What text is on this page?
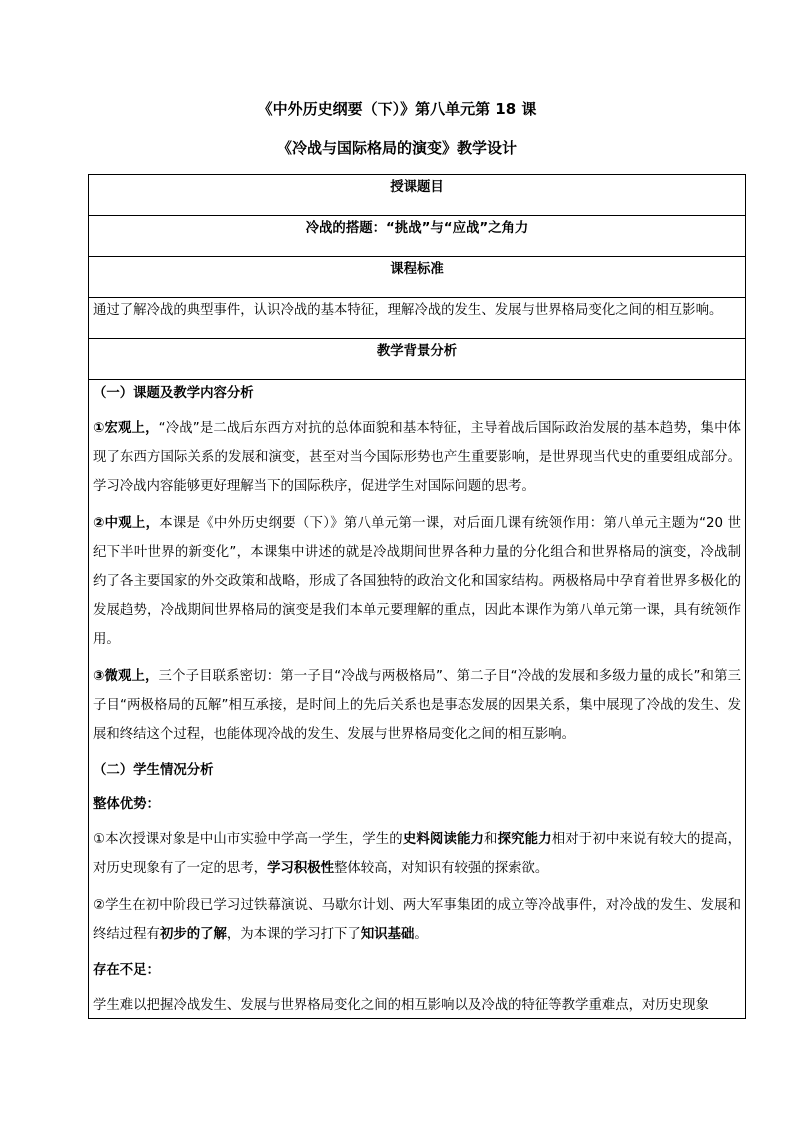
《中外历史纲要（下）》第八单元第 18 课
《冷战与国际格局的演变》教学设计
授课题目
冷战的搭题：“挑战”与“应战”之角力
课程标准
通过了解冷战的典型事件，认识冷战的基本特征，理解冷战的发生、发展与世界格局变化之间的相互影响。
教学背景分析

（一）课题及教学内容分析

①宏观上，“冷战”是二战后东西方对抗的总体面貌和基本特征，主导着战后国际政治发展的基本趋势，集中体现了东西方国际关系的发展和演变，甚至对当今国际形势也产生重要影响，是世界现当代史的重要组成部分。学习冷战内容能够更好理解当下的国际秩序，促进学生对国际问题的思考。

②中观上，本课是《中外历史纲要（下）》第八单元第一课，对后面几课有统领作用：第八单元主题为“20 世纪下半叶世界的新变化”，本课集中讲述的就是冷战期间世界各种力量的分化组合和世界格局的演变，冷战制约了各主要国家的外交政策和战略，形成了各国独特的政治文化和国家结构。两极格局中孕育着世界多极化的发展趋势，冷战期间世界格局的演变是我们本单元要理解的重点，因此本课作为第八单元第一课，具有统领作用。

③微观上，三个子目联系密切：第一子目“冷战与两极格局”、第二子目“冷战的发展和多级力量的成长”和第三子目“两极格局的瓦解”相互承接，是时间上的先后关系也是事态发展的因果关系，集中展现了冷战的发生、发展和终结这个过程，也能体现冷战的发生、发展与世界格局变化之间的相互影响。

（二）学生情况分析

整体优势：

①本次授课对象是中山市实验中学高一学生，学生的史料阅读能力和探究能力相对于初中来说有较大的提高，对历史现象有了一定的思考，学习积极性整体较高，对知识有较强的探索欲。

②学生在初中阶段已学习过铁幕演说、马歇尔计划、两大军事集团的成立等冷战事件，对冷战的发生、发展和终结过程有初步的了解，为本课的学习打下了知识基础。

存在不足：

学生难以把握冷战发生、发展与世界格局变化之间的相互影响以及冷战的特征等教学重难点，对历史现象
